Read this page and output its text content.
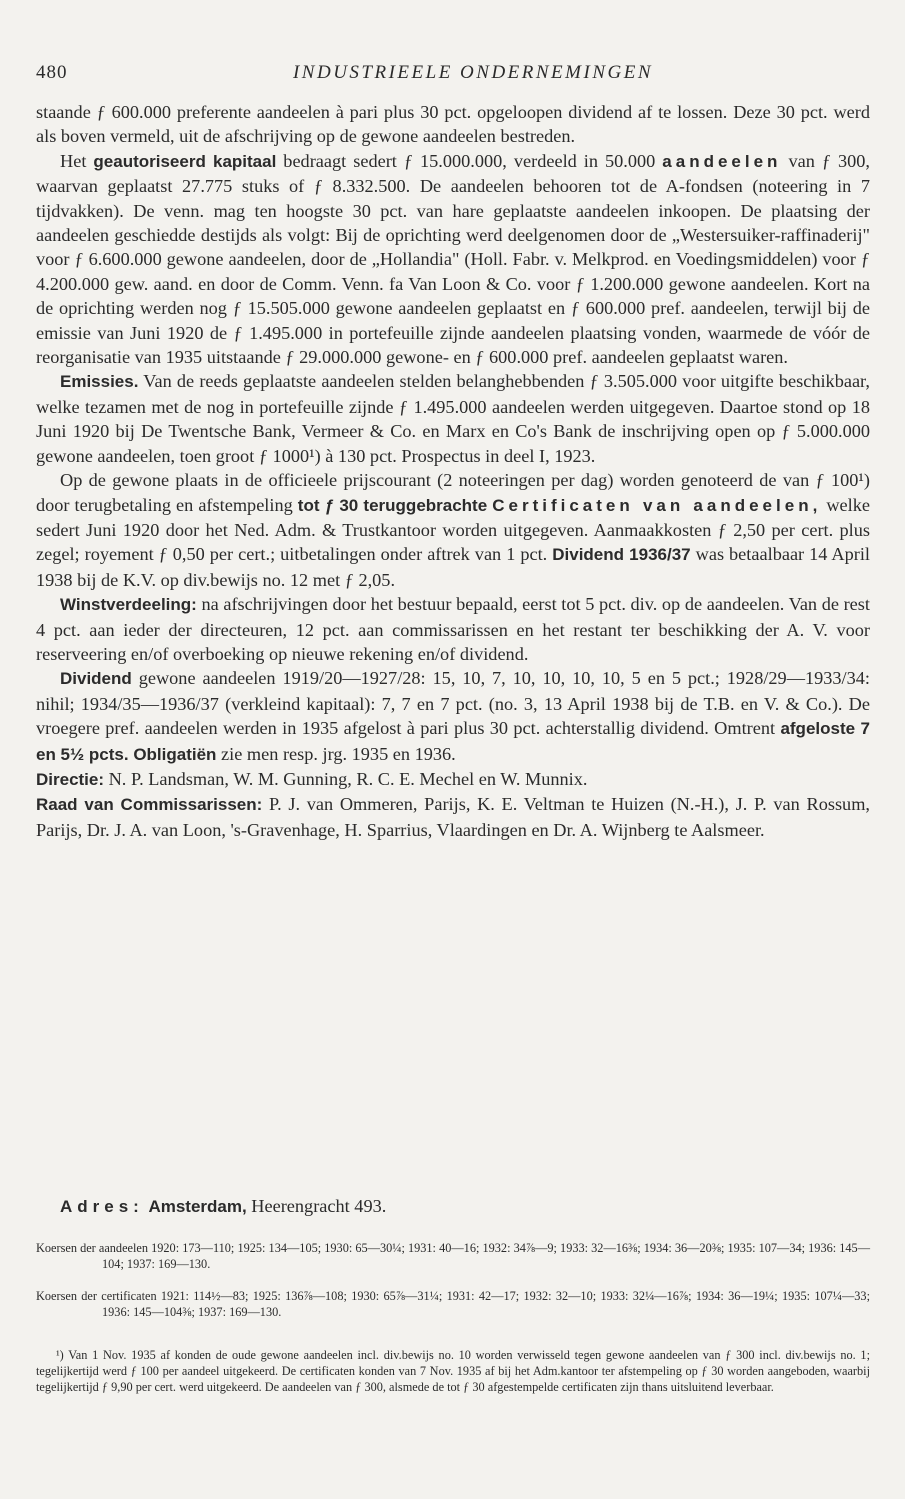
480	INDUSTRIEELE ONDERNEMINGEN

staande ƒ 600.000 preferente aandeelen à pari plus 30 pct. opgeloopen dividend af te lossen. Deze 30 pct. werd als boven vermeld, uit de afschrijving op de gewone aandeelen bestreden.

Het geautoriseerd kapitaal bedraagt sedert ƒ 15.000.000, verdeeld in 50.000 aandeelen van ƒ 300, waarvan geplaatst 27.775 stuks of ƒ 8.332.500. De aandeelen behooren tot de A-fondsen (noteering in 7 tijdvakken). De venn. mag ten hoogste 30 pct. van hare geplaatste aandeelen inkoopen. De plaatsing der aandeelen geschiedde destijds als volgt: Bij de oprichting werd deelgenomen door de „Westersuiker-raffinaderij" voor ƒ 6.600.000 gewone aandeelen, door de „Hollandia" (Holl. Fabr. v. Melkprod. en Voedingsmiddelen) voor ƒ 4.200.000 gew. aand. en door de Comm. Venn. fa Van Loon & Co. voor ƒ 1.200.000 gewone aandeelen. Kort na de oprichting werden nog ƒ 15.505.000 gewone aandeelen geplaatst en ƒ 600.000 pref. aandeelen, terwijl bij de emissie van Juni 1920 de ƒ 1.495.000 in portefeuille zijnde aandeelen plaatsing vonden, waarmede de vóór de reorganisatie van 1935 uitstaande ƒ 29.000.000 gewone- en ƒ 600.000 pref. aandeelen geplaatst waren.

Emissies. Van de reeds geplaatste aandeelen stelden belanghebbenden ƒ 3.505.000 voor uitgifte beschikbaar, welke tezamen met de nog in portefeuille zijnde ƒ 1.495.000 aandeelen werden uitgegeven. Daartoe stond op 18 Juni 1920 bij De Twentsche Bank, Vermeer & Co. en Marx en Co's Bank de inschrijving open op ƒ 5.000.000 gewone aandeelen, toen groot ƒ 1000¹) à 130 pct. Prospectus in deel I, 1923.

Op de gewone plaats in de officieele prijscourant (2 noteeringen per dag) worden genoteerd de van ƒ 100¹) door terugbetaling en afstempeling tot ƒ 30 teruggebrachte Certificaten van aandeelen, welke sedert Juni 1920 door het Ned. Adm. & Trustkantoor worden uitgegeven. Aanmaakkosten ƒ 2,50 per cert. plus zegel; royement ƒ 0,50 per cert.; uitbetalingen onder aftrek van 1 pct. Dividend 1936/37 was betaalbaar 14 April 1938 bij de K.V. op div.bewijs no. 12 met ƒ 2,05.

Winstverdeeling: na afschrijvingen door het bestuur bepaald, eerst tot 5 pct. div. op de aandeelen. Van de rest 4 pct. aan ieder der directeuren, 12 pct. aan commissarissen en het restant ter beschikking der A. V. voor reserveering en/of overboeking op nieuwe rekening en/of dividend.

Dividend gewone aandeelen 1919/20—1927/28: 15, 10, 7, 10, 10, 10, 10, 5 en 5 pct.; 1928/29—1933/34: nihil; 1934/35—1936/37 (verkleind kapitaal): 7, 7 en 7 pct. (no. 3, 13 April 1938 bij de T.B. en V. & Co.). De vroegere pref. aandeelen werden in 1935 afgelost à pari plus 30 pct. achterstallig dividend. Omtrent afgeloste 7 en 5½ pcts. Obligatiën zie men resp. jrg. 1935 en 1936.

Directie: N. P. Landsman, W. M. Gunning, R. C. E. Mechel en W. Munnix.

Raad van Commissarissen: P. J. van Ommeren, Parijs, K. E. Veltman te Huizen (N.-H.), J. P. van Rossum, Parijs, Dr. J. A. van Loon, 's-Gravenhage, H. Sparrius, Vlaardingen en Dr. A. Wijnberg te Aalsmeer.

Adres: Amsterdam, Heerengracht 493.

Koersen der aandeelen 1920: 173—110; 1925: 134—105; 1930: 65—30¼; 1931: 40—16; 1932: 34⅞—9; 1933: 32—16⅜; 1934: 36—20⅜; 1935: 107—34; 1936: 145—104; 1937: 169—130.

Koersen der certificaten 1921: 114½—83; 1925: 136⅞—108; 1930: 65⅞—31¼; 1931: 42—17; 1932: 32—10; 1933: 32¼—16⅞; 1934: 36—19¼; 1935: 107¼—33; 1936: 145—104⅜; 1937: 169—130.

¹) Van 1 Nov. 1935 af konden de oude gewone aandeelen incl. div.bewijs no. 10 worden verwisseld tegen gewone aandeelen van ƒ 300 incl. div.bewijs no. 1; tegelijkertijd werd ƒ 100 per aandeel uitgekeerd. De certificaten konden van 7 Nov. 1935 af bij het Adm.kantoor ter afstempeling op ƒ 30 worden aangeboden, waarbij tegelijkertijd ƒ 9,90 per cert. werd uitgekeerd. De aandeelen van ƒ 300, alsmede de tot ƒ 30 afgestempelde certificaten zijn thans uitsluitend leverbaar.
